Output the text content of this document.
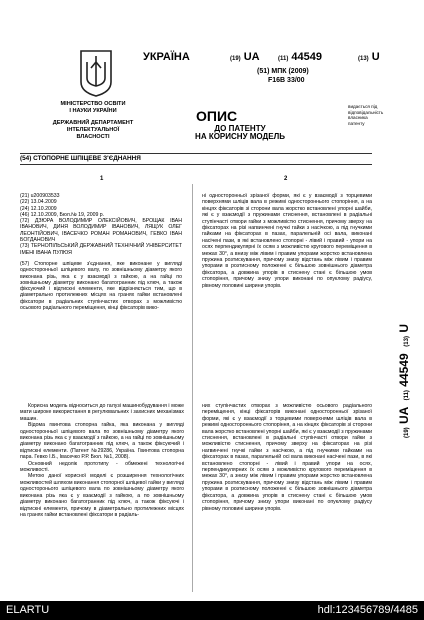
УКРАЇНА
МІНІСТЕРСТВО ОСВІТИ
І НАУКИ УКРАЇНИ
ДЕРЖАВНИЙ ДЕПАРТАМЕНТ
ІНТЕЛЕКТУАЛЬНОЇ
ВЛАСНОСТІ
(19) UA	(11) 44549	(13) U
(51) МПК (2009)
F16B 33/00
видається під
відповідальність
власника
патенту
ОПИС
ДО ПАТЕНТУ
НА КОРИСНУ МОДЕЛЬ
(54) СТОПОРНЕ ШПІЦЕВЕ З'ЄДНАННЯ
1	2
(21) u200903533
(22) 13.04.2009
(24) 12.10.2009
(46) 12.10.2009, Бюл.№ 19, 2009 р.
(72) ДЗЮРА ВОЛОДИМИР ОЛЕКСІЙОВИЧ, БРОЩАК ІВАН ІВАНОВИЧ, ДИНЯ ВОЛОДИМИР ІВАНОВИЧ, ЛЯЩУК ОЛЕГ ЛЕОНТІЙОВИЧ, ІВАСЕЧКО РОМАН РОМАНОВИЧ, ГЕВКО ІВАН БОГДАНОВИЧ
(73) ТЕРНОПІЛЬСЬКИЙ ДЕРЖАВНИЙ ТЕХНІЧНИЙ УНІВЕРСИТЕТ ІМЕНІ ІВАНА ПУЛЮЯ
(57) Стопорне шпіцеве з'єднання, яке виконане у вигляді односторонньої шліцевого валу, по зовнішньому діаметру якого виконана різь, яка є у взаємодії з гайкою, а на гайці по зовнішньому діаметру виконано багатогранник під ключ, а також фіксуючий і відтискні елементи, яке відрізняється тим, що в діаметрально протилежних місцях на гранях гайки встановлені фіксатори в радіальних ступінчастих отворах з можливістю осьового радіального переміщення, кінці фіксаторів вико-

ні односторонньої зрізаної форми, які є у взаємодії з торцевими поверхнями шліців вала в режимі одностороннього стопоріння, а на кінцях фіксаторів зі сторони вала жорстко встановлені упорні шайби, які є у взаємодії з пружинами стиснення, встановлені в радіальні ступінчасті отвори гайки з можливістю стиснення, причому зверху на фіксаторах на різі нагвинчені гнучкі гайки з насічкою, а під гнучкими гайками на фіксаторах в пазах, паралельній осі вала, виконані насічені пази, в які встановлено стопорні - лівий і правий - упори на осях перпендикулярні їх осям з можливістю кругового переміщення в межах 30°, а внизу між лівим і правим упорами жорстко встановлена пружина розтискування, причому знизу відстань між лівим і правим упорами в розтисному положенні є більшою зовнішнього діаметра фіксатора, а довжина упорів в стиснену стані є більшою умов стопоріння, причому знизу упори виконані по опуклому радіусу, рівному половині ширини упорів.

Корисна модель відноситься до галузі машинобудування і може мати широке використання в регулювальних і захисних механізмах машин.

Відома гвинтова стопорна гайка, яка виконана у вигляді односторонньої шпіцевого вала по зовнішньому діаметру якого виконана різь яка є у взаємодії з гайкою, а на гайці по зовнішньому діаметру виконано багатогранник під ключ, а також фіксуючий і відтискні елементи. (Патент №29286, Україна. Гвинтова стопорна пара. Гевко І.Б., Івасечко Р.Р. Бюл. №1, 2008).

Основний недолік прототипу - обмежені технологічні можливості.

Метою даної корисної моделі є розширення технологічних можливостей шляхом виконання стопорної шліцевої гайки у вигляді односторонього шліцевого вала по зовнішньому діаметру якого виконана різь яка є у взаємодії з гайкою, а по зовнішньому діаметру виконано багатогранник під ключ, а також фіксуючі і відтискні елементи, причому в діаметрально протилежних місцях на гранях гайки встановлені фіксатори в радіаль-

них ступінчастих отворах з можливістю осьового радіального переміщення, кінці фіксаторів виконані односторонньої зрізаної форми, які є у взаємодії з торцевими поверхнями шліців вала в режимі одностороннього стопоріння, а на кінцях фіксаторів зі сторони вала жорстко встановлені упорні шайби, які є у взаємодії з пружинами стиснення, встановлені в радіальні ступінчасті отвори гайки з можливістю стиснення, причому зверху на фіксаторах на різі нагвинчені гнучкі гайки з насічкою, а під гнучкими гайками на фіксаторах в пазах, паралельній осі вала виконані насічені пази, в які встановлено стопорні - лівий і правий упори на осях, перпендикулярних їх осям з можливістю кругового переміщення в межах 30°, а знизу між лівим і правим упорами жорстко встановлена пружина розтискування, причому знизу відстань між лівим і правим упорами в розтисному положенні є більшою зовнішнього діаметра фіксатора, а довжина упорів в стиснену стані є більшою умов стопоріння, причому знизу упори виконані по опуклому радіусу рівному половині ширини упорів.

(19) UA  (11) 44549  (13) U
ELARTU	hdl:123456789/4485
